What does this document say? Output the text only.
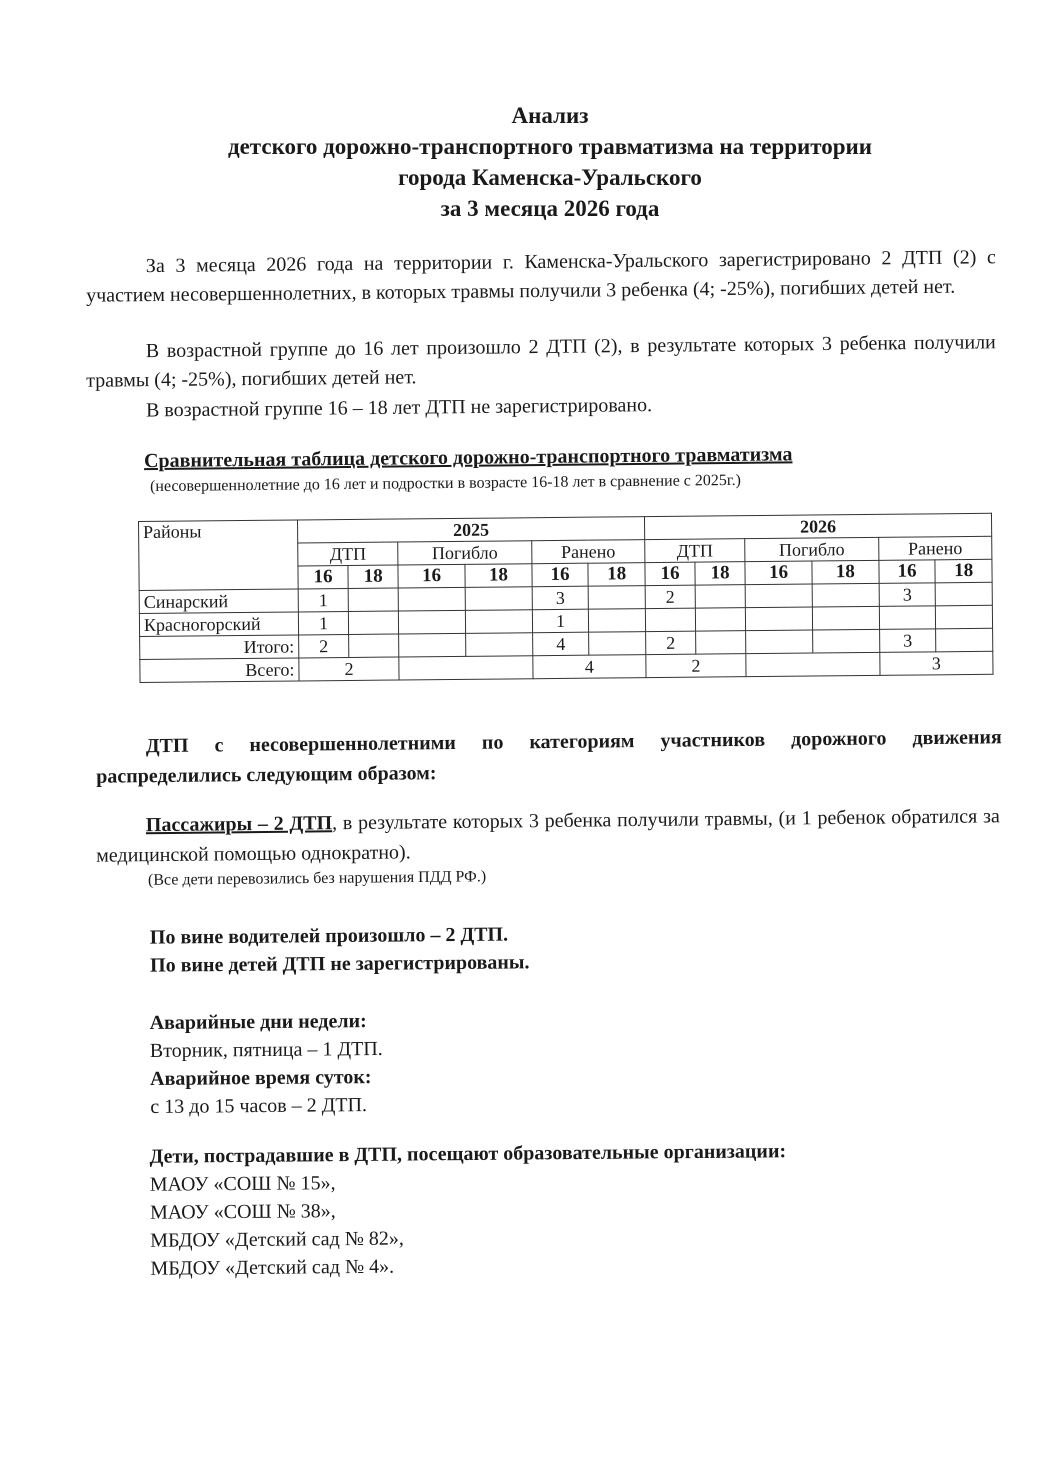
Анализ
детского дорожно-транспортного травматизма на территории
города Каменска-Уральского
за 3 месяца 2026 года
За 3 месяца 2026 года на территории г. Каменска-Уральского зарегистрировано 2 ДТП (2) с участием несовершеннолетних, в которых травмы получили 3 ребенка (4; -25%), погибших детей нет.
В возрастной группе до 16 лет произошло 2 ДТП (2), в результате которых 3 ребенка получили травмы (4; -25%), погибших детей нет.
В возрастной группе 16 – 18 лет ДТП не зарегистрировано.
Сравнительная таблица детского дорожно-транспортного травматизма
(несовершеннолетние до 16 лет и подростки в возрасте 16-18 лет в сравнение с 2025г.)
Районы	2025						2026					
	ДТП		Погибло		Ранено		ДТП		Погибло		Ранено	
	16	18	16	18	16	18	16	18	16	18	16	18
Синарский	1				3		2				3	
Красногорский	1				1							
Итого:	2				4		2				3	
Всего:	2				4		2				3	
ДТП с несовершеннолетними по категориям участников дорожного движения распределились следующим образом:
Пассажиры – 2 ДТП, в результате которых 3 ребенка получили травмы, (и 1 ребенок обратился за медицинской помощью однократно).
(Все дети перевозились без нарушения ПДД РФ.)
По вине водителей произошло – 2 ДТП.
По вине детей ДТП не зарегистрированы.
Аварийные дни недели:
Вторник, пятница – 1 ДТП.
Аварийное время суток:
с 13 до 15 часов – 2 ДТП.
Дети, пострадавшие в ДТП, посещают образовательные организации:
МАОУ «СОШ № 15»,
МАОУ «СОШ № 38»,
МБДОУ «Детский сад № 82»,
МБДОУ «Детский сад № 4».
